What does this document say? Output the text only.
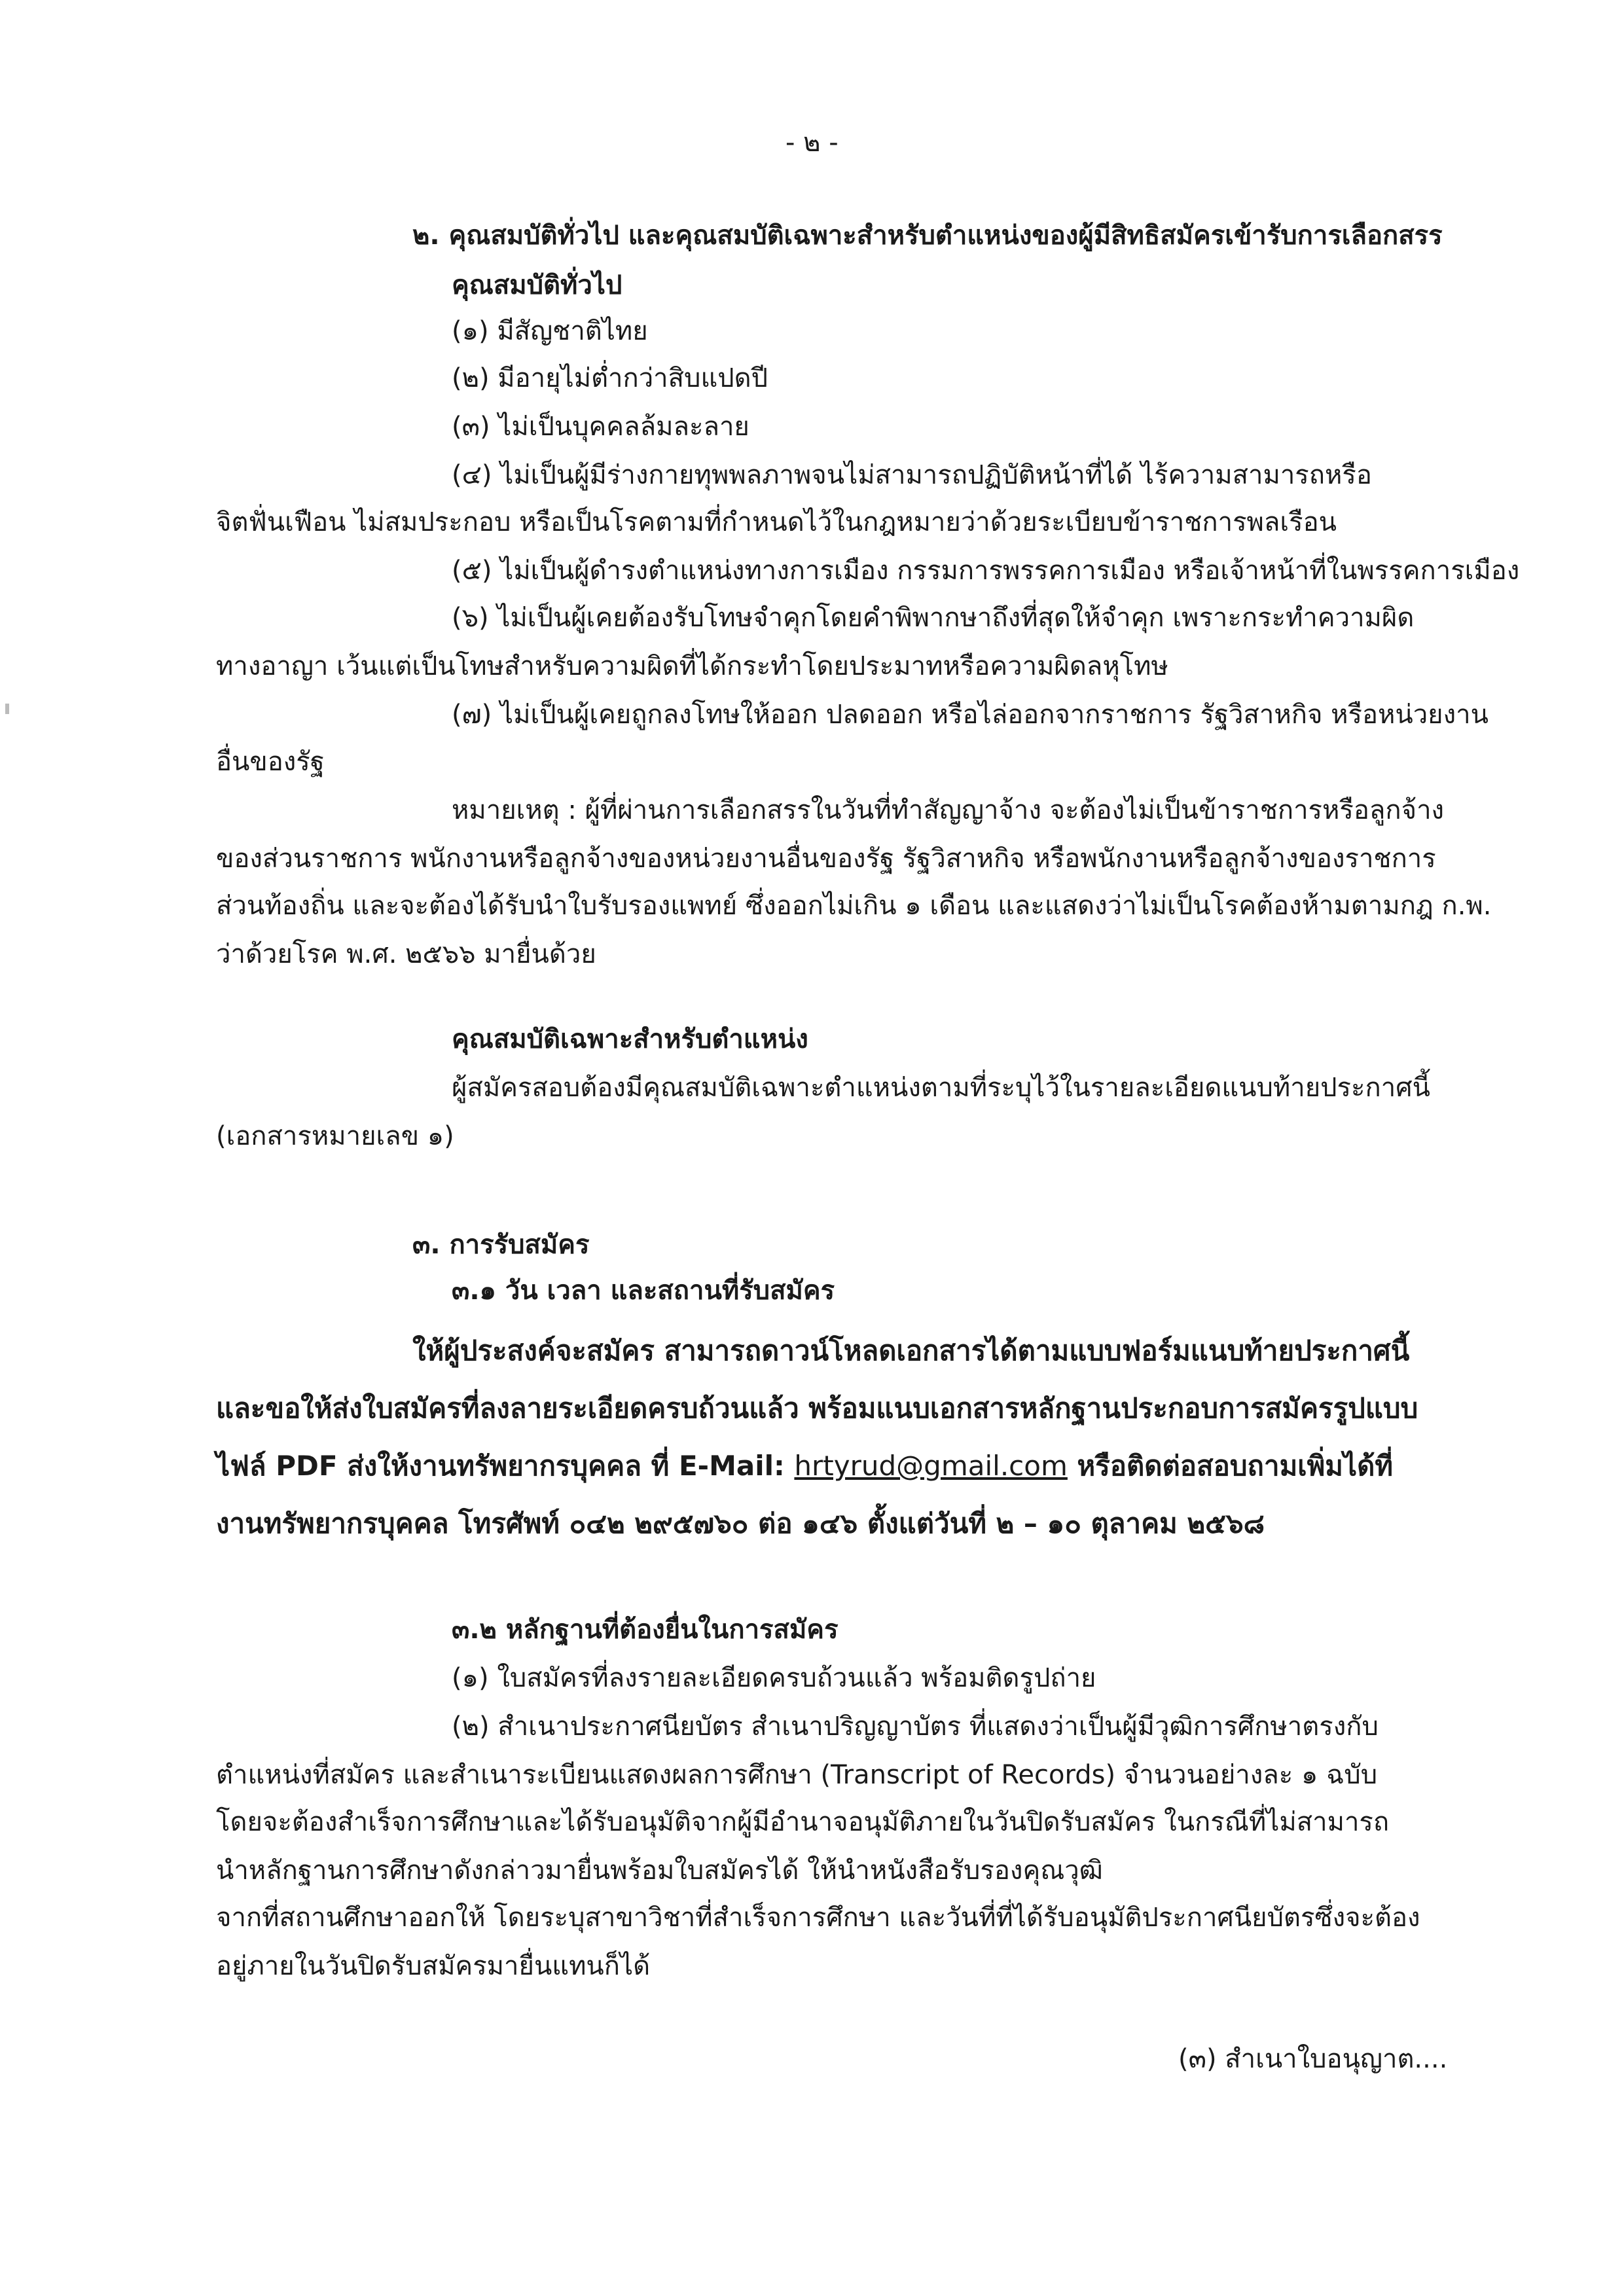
- ๒ -
๒. คุณสมบัติทั่วไป และคุณสมบัติเฉพาะสำหรับตำแหน่งของผู้มีสิทธิสมัครเข้ารับการเลือกสรร
คุณสมบัติทั่วไป
(๑) มีสัญชาติไทย
(๒) มีอายุไม่ต่ำกว่าสิบแปดปี
(๓) ไม่เป็นบุคคลล้มละลาย
(๔) ไม่เป็นผู้มีร่างกายทุพพลภาพจนไม่สามารถปฏิบัติหน้าที่ได้ ไร้ความสามารถหรือ
จิตฟั่นเฟือน ไม่สมประกอบ หรือเป็นโรคตามที่กำหนดไว้ในกฎหมายว่าด้วยระเบียบข้าราชการพลเรือน
(๕) ไม่เป็นผู้ดำรงตำแหน่งทางการเมือง กรรมการพรรคการเมือง หรือเจ้าหน้าที่ในพรรคการเมือง
(๖) ไม่เป็นผู้เคยต้องรับโทษจำคุกโดยคำพิพากษาถึงที่สุดให้จำคุก เพราะกระทำความผิด
ทางอาญา เว้นแต่เป็นโทษสำหรับความผิดที่ได้กระทำโดยประมาทหรือความผิดลหุโทษ
(๗) ไม่เป็นผู้เคยถูกลงโทษให้ออก ปลดออก หรือไล่ออกจากราชการ รัฐวิสาหกิจ หรือหน่วยงาน
อื่นของรัฐ
หมายเหตุ : ผู้ที่ผ่านการเลือกสรรในวันที่ทำสัญญาจ้าง จะต้องไม่เป็นข้าราชการหรือลูกจ้าง
ของส่วนราชการ พนักงานหรือลูกจ้างของหน่วยงานอื่นของรัฐ รัฐวิสาหกิจ หรือพนักงานหรือลูกจ้างของราชการ
ส่วนท้องถิ่น และจะต้องได้รับนำใบรับรองแพทย์ ซึ่งออกไม่เกิน ๑ เดือน และแสดงว่าไม่เป็นโรคต้องห้ามตามกฎ ก.พ.
ว่าด้วยโรค พ.ศ. ๒๕๖๖ มายื่นด้วย
คุณสมบัติเฉพาะสำหรับตำแหน่ง
ผู้สมัครสอบต้องมีคุณสมบัติเฉพาะตำแหน่งตามที่ระบุไว้ในรายละเอียดแนบท้ายประกาศนี้
(เอกสารหมายเลข ๑)
๓. การรับสมัคร
๓.๑ วัน เวลา และสถานที่รับสมัคร
ให้ผู้ประสงค์จะสมัคร สามารถดาวน์โหลดเอกสารได้ตามแบบฟอร์มแนบท้ายประกาศนี้
และขอให้ส่งใบสมัครที่ลงลายระเอียดครบถ้วนแล้ว พร้อมแนบเอกสารหลักฐานประกอบการสมัครรูปแบบ
ไฟล์ PDF ส่งให้งานทรัพยากรบุคคล ที่ E-Mail: hrtyrud@gmail.com หรือติดต่อสอบถามเพิ่มได้ที่
งานทรัพยากรบุคคล โทรศัพท์ ๐๔๒ ๒๙๕๗๖๐ ต่อ ๑๔๖ ตั้งแต่วันที่ ๒ – ๑๐ ตุลาคม ๒๕๖๘
๓.๒ หลักฐานที่ต้องยื่นในการสมัคร
(๑) ใบสมัครที่ลงรายละเอียดครบถ้วนแล้ว พร้อมติดรูปถ่าย
(๒) สำเนาประกาศนียบัตร สำเนาปริญญาบัตร ที่แสดงว่าเป็นผู้มีวุฒิการศึกษาตรงกับ
ตำแหน่งที่สมัคร และสำเนาระเบียนแสดงผลการศึกษา (Transcript of Records) จำนวนอย่างละ ๑ ฉบับ
โดยจะต้องสำเร็จการศึกษาและได้รับอนุมัติจากผู้มีอำนาจอนุมัติภายในวันปิดรับสมัคร ในกรณีที่ไม่สามารถ
นำหลักฐานการศึกษาดังกล่าวมายื่นพร้อมใบสมัครได้ ให้นำหนังสือรับรองคุณวุฒิ
จากที่สถานศึกษาออกให้ โดยระบุสาขาวิชาที่สำเร็จการศึกษา และวันที่ที่ได้รับอนุมัติประกาศนียบัตรซึ่งจะต้อง
อยู่ภายในวันปิดรับสมัครมายื่นแทนก็ได้
(๓) สำเนาใบอนุญาต....
